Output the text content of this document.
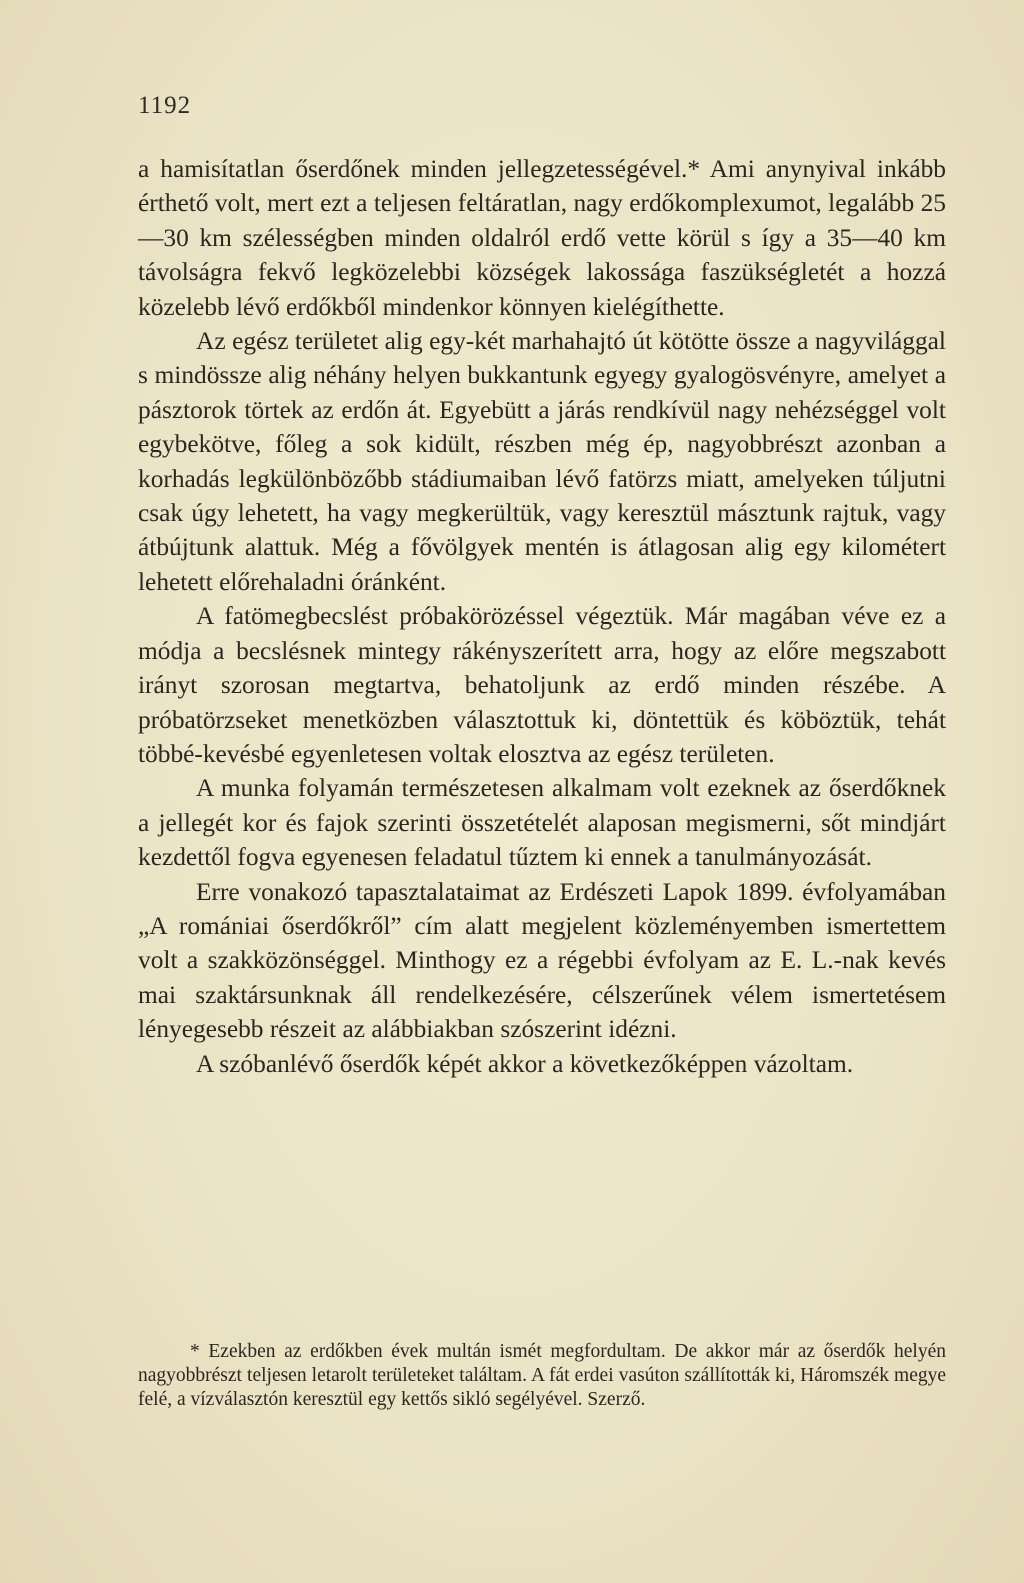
1192

a hamisítatlan őserdőnek minden jellegzetességével.* Ami anynyival inkább érthető volt, mert ezt a teljesen feltáratlan, nagy erdőkomplexumot, legalább 25—30 km szélességben minden oldalról erdő vette körül s így a 35—40 km távolságra fekvő legközelebbi községek lakossága faszükségletét a hozzá közelebb lévő erdőkből mindenkor könnyen kielégíthette.

Az egész területet alig egy-két marhahajtó út kötötte össze a nagyvilággal s mindössze alig néhány helyen bukkantunk egyegy gyalogösvényre, amelyet a pásztorok törtek az erdőn át. Egyebütt a járás rendkívül nagy nehézséggel volt egybekötve, főleg a sok kidült, részben még ép, nagyobbrészt azonban a korhadás legkülönbözőbb stádiumaiban lévő fatörzs miatt, amelyeken túljutni csak úgy lehetett, ha vagy megkerültük, vagy keresztül másztunk rajtuk, vagy átbújtunk alattuk. Még a fővölgyek mentén is átlagosan alig egy kilométert lehetett előrehaladni óránként.

A fatömegbecslést próbakörözéssel végeztük. Már magában véve ez a módja a becslésnek mintegy rákényszerített arra, hogy az előre megszabott irányt szorosan megtartva, behatoljunk az erdő minden részébe. A próbatörzseket menetközben választottuk ki, döntettük és köböztük, tehát többé-kevésbé egyenletesen voltak elosztva az egész területen.

A munka folyamán természetesen alkalmam volt ezeknek az őserdőknek a jellegét kor és fajok szerinti összetételét alaposan megismerni, sőt mindjárt kezdettől fogva egyenesen feladatul tűztem ki ennek a tanulmányozását.

Erre vonakozó tapasztalataimat az Erdészeti Lapok 1899. évfolyamában „A romániai őserdőkről” cím alatt megjelent közleményemben ismertettem volt a szakközönséggel. Minthogy ez a régebbi évfolyam az E. L.-nak kevés mai szaktársunknak áll rendelkezésére, célszerűnek vélem ismertetésem lényegesebb részeit az alábbiakban szószerint idézni.

A szóbanlévő őserdők képét akkor a következőképpen vázoltam.

* Ezekben az erdőkben évek multán ismét megfordultam. De akkor már az őserdők helyén nagyobbrészt teljesen letarolt területeket találtam. A fát erdei vasúton szállították ki, Háromszék megye felé, a vízválasztón keresztül egy kettős sikló segélyével. Szerző.
